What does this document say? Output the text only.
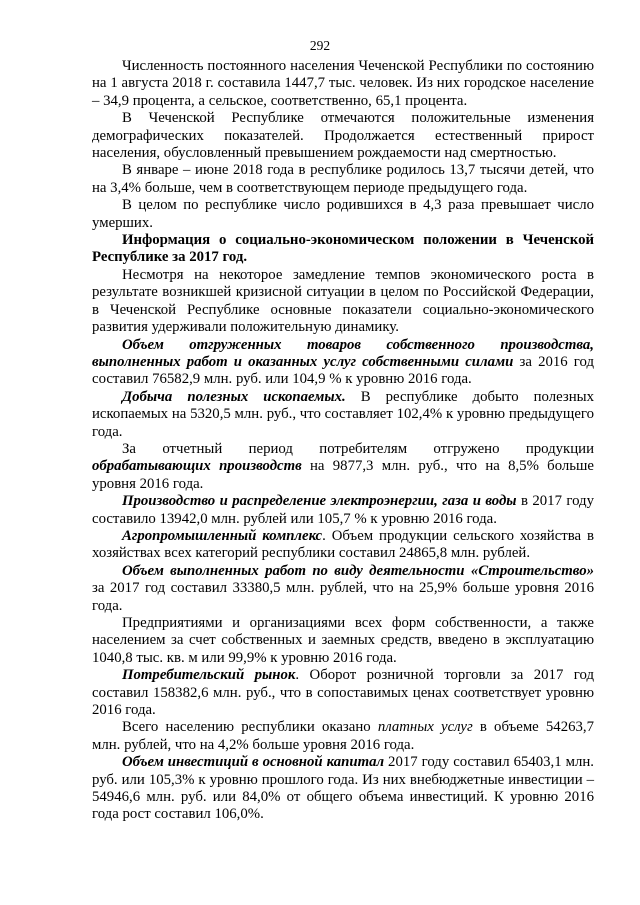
292

Численность постоянного населения Чеченской Республики по состоянию на 1 августа 2018 г. составила 1447,7 тыс. человек. Из них городское население – 34,9 процента, а сельское, соответственно, 65,1 процента.

В Чеченской Республике отмечаются положительные изменения демографических показателей. Продолжается естественный прирост населения, обусловленный превышением рождаемости над смертностью.

В январе – июне 2018 года в республике родилось 13,7 тысячи детей, что на 3,4% больше, чем в соответствующем периоде предыдущего года.

В целом по республике число родившихся в 4,3 раза превышает число умерших.

Информация о социально-экономическом положении в Чеченской Республике за 2017 год.

Несмотря на некоторое замедление темпов экономического роста в результате возникшей кризисной ситуации в целом по Российской Федерации, в Чеченской Республике основные показатели социально-экономического развития удерживали положительную динамику.

Объем отгруженных товаров собственного производства, выполненных работ и оказанных услуг собственными силами за 2016 год составил 76582,9 млн. руб. или 104,9 % к уровню 2016 года.

Добыча полезных ископаемых. В республике добыто полезных ископаемых на 5320,5 млн. руб., что составляет 102,4% к уровню предыдущего года.

За отчетный период потребителям отгружено продукции обрабатывающих производств на 9877,3 млн. руб., что на 8,5% больше уровня 2016 года.

Производство и распределение электроэнергии, газа и воды в 2017 году составило 13942,0 млн. рублей или 105,7 % к уровню 2016 года.

Агропромышленный комплекс. Объем продукции сельского хозяйства в хозяйствах всех категорий республики составил 24865,8 млн. рублей.

Объем выполненных работ по виду деятельности «Строительство» за 2017 год составил 33380,5 млн. рублей, что на 25,9% больше уровня 2016 года.

Предприятиями и организациями всех форм собственности, а также населением за счет собственных и заемных средств, введено в эксплуатацию 1040,8 тыс. кв. м или 99,9% к уровню 2016 года.

Потребительский рынок. Оборот розничной торговли за 2017 год составил 158382,6 млн. руб., что в сопоставимых ценах соответствует уровню 2016 года.

Всего населению республики оказано платных услуг в объеме 54263,7 млн. рублей, что на 4,2% больше уровня 2016 года.

Объем инвестиций в основной капитал 2017 году составил 65403,1 млн. руб. или 105,3% к уровню прошлого года. Из них внебюджетные инвестиции – 54946,6 млн. руб. или 84,0% от общего объема инвестиций. К уровню 2016 года рост составил 106,0%.
